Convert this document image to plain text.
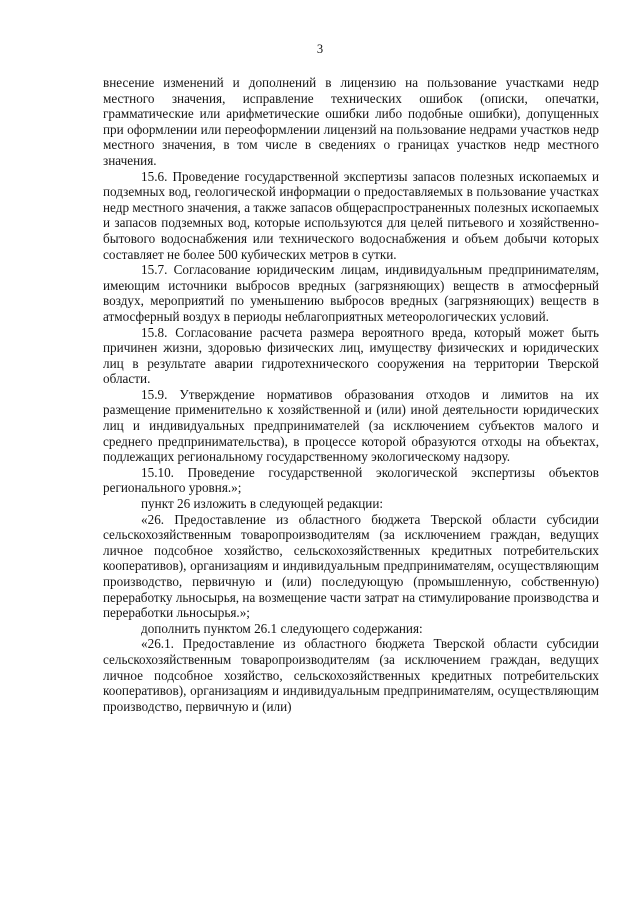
3

внесение изменений и дополнений в лицензию на пользование участками недр местного значения, исправление технических ошибок (описки, опечатки, грамматические или арифметические ошибки либо подобные ошибки), допущенных при оформлении или переоформлении лицензий на пользование недрами участков недр местного значения, в том числе в сведениях о границах участков недр местного значения.

15.6. Проведение государственной экспертизы запасов полезных ископаемых и подземных вод, геологической информации о предоставляемых в пользование участках недр местного значения, а также запасов общераспространенных полезных ископаемых и запасов подземных вод, которые используются для целей питьевого и хозяйственно-бытового водоснабжения или технического водоснабжения и объем добычи которых составляет не более 500 кубических метров в сутки.

15.7. Согласование юридическим лицам, индивидуальным предпринимателям, имеющим источники выбросов вредных (загрязняющих) веществ в атмосферный воздух, мероприятий по уменьшению выбросов вредных (загрязняющих) веществ в атмосферный воздух в периоды неблагоприятных метеорологических условий.

15.8. Согласование расчета размера вероятного вреда, который может быть причинен жизни, здоровью физических лиц, имуществу физических и юридических лиц в результате аварии гидротехнического сооружения на территории Тверской области.

15.9. Утверждение нормативов образования отходов и лимитов на их размещение применительно к хозяйственной и (или) иной деятельности юридических лиц и индивидуальных предпринимателей (за исключением субъектов малого и среднего предпринимательства), в процессе которой образуются отходы на объектах, подлежащих региональному государственному экологическому надзору.

15.10. Проведение государственной экологической экспертизы объектов регионального уровня.»;

пункт 26 изложить в следующей редакции:

«26. Предоставление из областного бюджета Тверской области субсидии сельскохозяйственным товаропроизводителям (за исключением граждан, ведущих личное подсобное хозяйство, сельскохозяйственных кредитных потребительских кооперативов), организациям и индивидуальным предпринимателям, осуществляющим производство, первичную и (или) последующую (промышленную, собственную) переработку льносырья, на возмещение части затрат на стимулирование производства и переработки льносырья.»;

дополнить пунктом 26.1 следующего содержания:

«26.1. Предоставление из областного бюджета Тверской области субсидии сельскохозяйственным товаропроизводителям (за исключением граждан, ведущих личное подсобное хозяйство, сельскохозяйственных кредитных потребительских кооперативов), организациям и индивидуальным предпринимателям, осуществляющим производство, первичную и (или)
